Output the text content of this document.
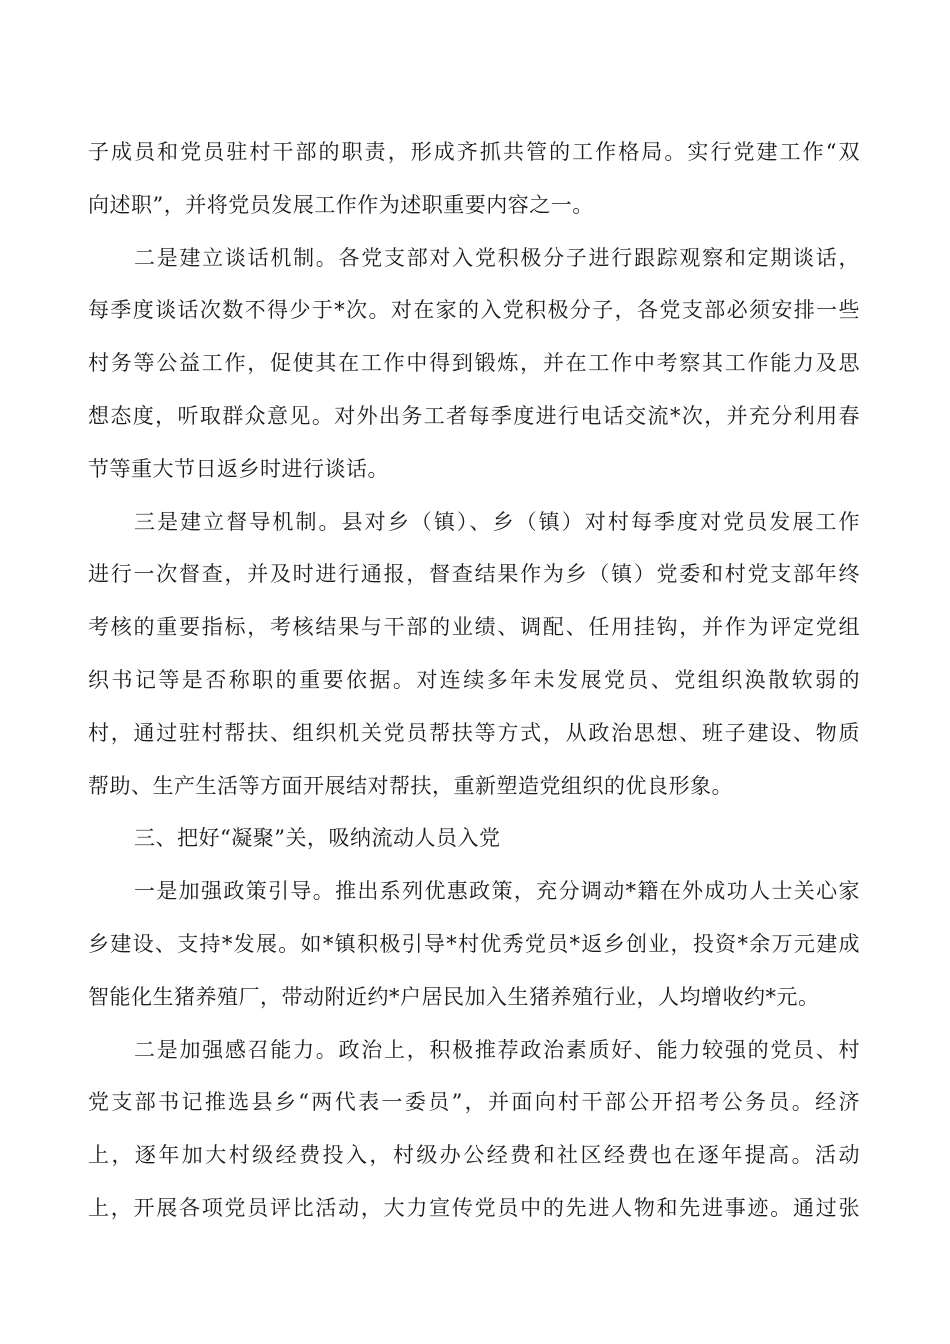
子成员和党员驻村干部的职责，形成齐抓共管的工作格局。实行党建工作“双
向述职”，并将党员发展工作作为述职重要内容之一。
二是建立谈话机制。各党支部对入党积极分子进行跟踪观察和定期谈话，
每季度谈话次数不得少于*次。对在家的入党积极分子，各党支部必须安排一些
村务等公益工作，促使其在工作中得到锻炼，并在工作中考察其工作能力及思
想态度，听取群众意见。对外出务工者每季度进行电话交流*次，并充分利用春
节等重大节日返乡时进行谈话。
三是建立督导机制。县对乡（镇）、乡（镇）对村每季度对党员发展工作
进行一次督查，并及时进行通报，督查结果作为乡（镇）党委和村党支部年终
考核的重要指标，考核结果与干部的业绩、调配、任用挂钩，并作为评定党组
织书记等是否称职的重要依据。对连续多年未发展党员、党组织涣散软弱的
村，通过驻村帮扶、组织机关党员帮扶等方式，从政治思想、班子建设、物质
帮助、生产生活等方面开展结对帮扶，重新塑造党组织的优良形象。
三、把好“凝聚”关，吸纳流动人员入党
一是加强政策引导。推出系列优惠政策，充分调动*籍在外成功人士关心家
乡建设、支持*发展。如*镇积极引导*村优秀党员*返乡创业，投资*余万元建成
智能化生猪养殖厂，带动附近约*户居民加入生猪养殖行业，人均增收约*元。
二是加强感召能力。政治上，积极推荐政治素质好、能力较强的党员、村
党支部书记推选县乡“两代表一委员”，并面向村干部公开招考公务员。经济
上，逐年加大村级经费投入，村级办公经费和社区经费也在逐年提高。活动
上，开展各项党员评比活动，大力宣传党员中的先进人物和先进事迹。通过张
